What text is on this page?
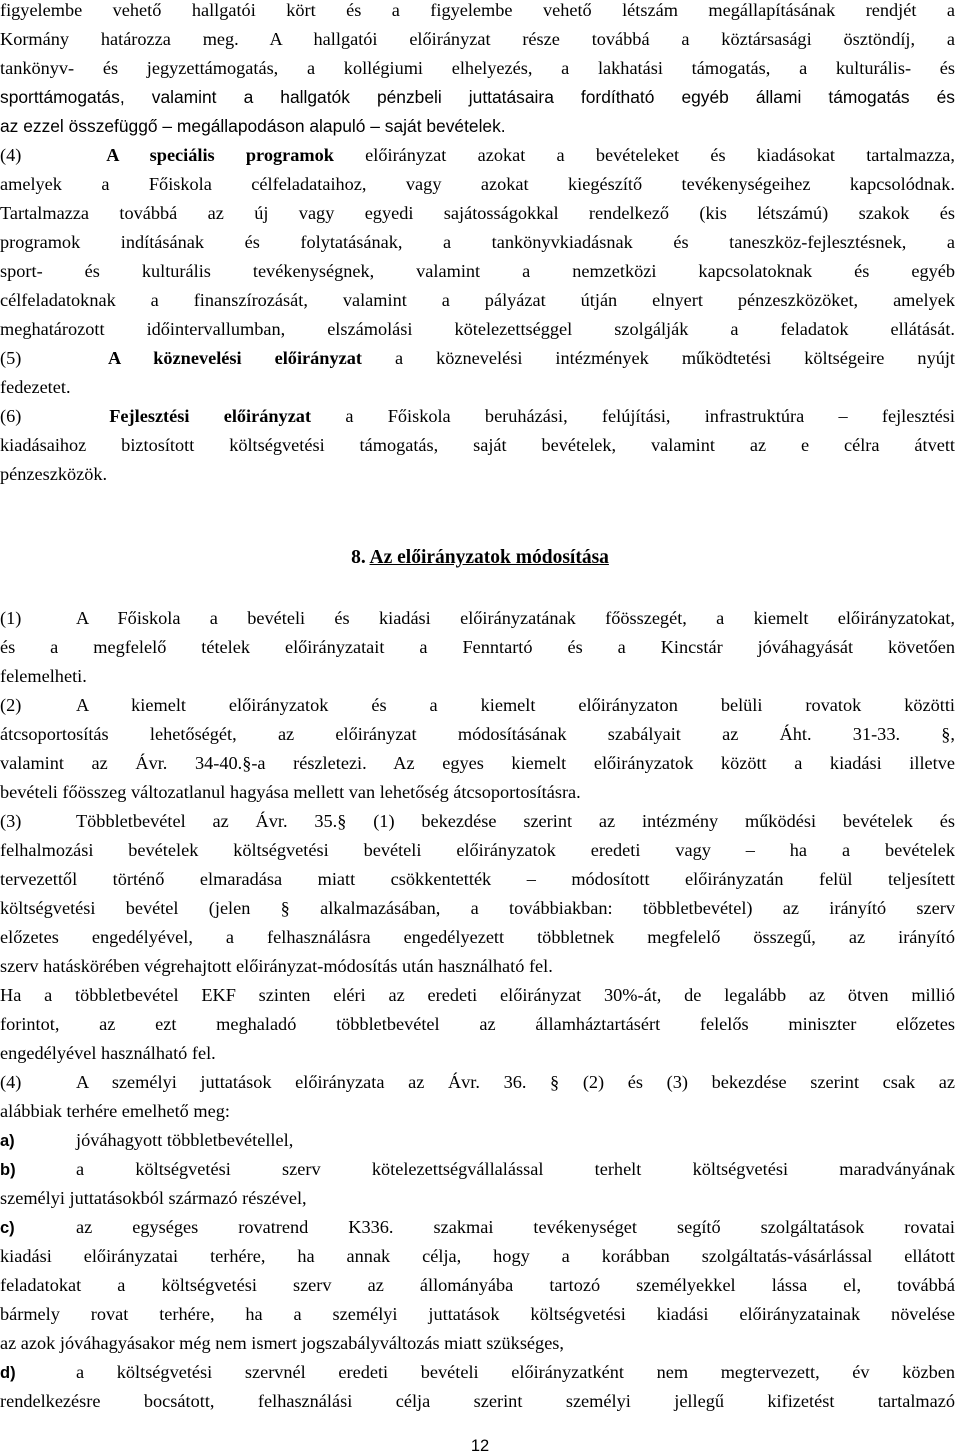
figyelembe vehető hallgatói kört és a figyelembe vehető létszám megállapításának rendjét a
Kormány határozza meg. A hallgatói előirányzat része továbbá a köztársasági ösztöndíj, a
tankönyv- és jegyzettámogatás, a kollégiumi elhelyezés, a lakhatási támogatás, a kulturális- és
sporttámogatás, valamint a hallgatók pénzbeli juttatásaira fordítható egyéb állami támogatás és
az ezzel összefüggő ‒ megállapodáson alapuló ‒ saját bevételek.
(4)	A speciális programok előirányzat azokat a bevételeket és kiadásokat tartalmazza,
amelyek a Főiskola célfeladataihoz, vagy azokat kiegészítő tevékenységeihez kapcsolódnak.
Tartalmazza továbbá az új vagy egyedi sajátosságokkal rendelkező (kis létszámú) szakok és
programok indításának és folytatásának, a tankönyvkiadásnak és taneszköz-fejlesztésnek, a
sport- és kulturális tevékenységnek, valamint a nemzetközi kapcsolatoknak és egyéb
célfeladatoknak a finanszírozását, valamint a pályázat útján elnyert pénzeszközöket, amelyek
meghatározott időintervallumban, elszámolási kötelezettséggel szolgálják a feladatok ellátását.
(5)	A köznevelési előirányzat a köznevelési intézmények működtetési költségeire nyújt
fedezetet.
(6)	Fejlesztési előirányzat a Főiskola beruházási, felújítási, infrastruktúra – fejlesztési
kiadásaihoz biztosított költségvetési támogatás, saját bevételek, valamint az e célra átvett
pénzeszközök.
8. Az előirányzatok módosítása
(1)	A Főiskola a bevételi és kiadási előirányzatának főösszegét, a kiemelt előirányzatokat,
és a megfelelő tételek előirányzatait a Fenntartó és a Kincstár jóváhagyását követően
felemelheti.
(2)	A kiemelt előirányzatok és a kiemelt előirányzaton belüli rovatok közötti
átcsoportosítás lehetőségét, az előirányzat módosításának szabályait az Áht. 31-33. §,
valamint az Ávr. 34-40.§-a részletezi. Az egyes kiemelt előirányzatok között a kiadási illetve
bevételi főösszeg változatlanul hagyása mellett van lehetőség átcsoportosításra.
(3)	Többletbevétel az Ávr. 35.§ (1) bekezdése szerint az intézmény működési bevételek és
felhalmozási bevételek költségvetési bevételi előirányzatok eredeti vagy – ha a bevételek
tervezettől történő elmaradása miatt csökkentették – módosított előirányzatán felül teljesített
költségvetési bevétel (jelen § alkalmazásában, a továbbiakban: többletbevétel) az irányító szerv
előzetes engedélyével, a felhasználásra engedélyezett többletnek megfelelő összegű, az irányító
szerv hatáskörében végrehajtott előirányzat-módosítás után használható fel.
Ha a többletbevétel EKF szinten eléri az eredeti előirányzat 30%-át, de legalább az ötven millió
forintot, az ezt meghaladó többletbevétel az államháztartásért felelős miniszter előzetes
engedélyével használható fel.
(4)	A személyi juttatások előirányzata az Ávr. 36. § (2) és (3) bekezdése szerint csak az
alábbiak terhére emelhető meg:
a)	jóváhagyott többletbevétellel,
b)	a költségvetési szerv kötelezettségvállalással terhelt költségvetési maradványának
személyi juttatásokból származó részével,
c)	az egységes rovatrend K336. szakmai tevékenységet segítő szolgáltatások rovatai
kiadási előirányzatai terhére, ha annak célja, hogy a korábban szolgáltatás-vásárlással ellátott
feladatokat a költségvetési szerv az állományába tartozó személyekkel lássa el, továbbá
bármely rovat terhére, ha a személyi juttatások költségvetési kiadási előirányzatainak növelése
az azok jóváhagyásakor még nem ismert jogszabályváltozás miatt szükséges,
d)	a költségvetési szervnél eredeti bevételi előirányzatként nem megtervezett, év közben
rendelkezésre bocsátott, felhasználási célja szerint személyi jellegű kifizetést tartalmazó
12
